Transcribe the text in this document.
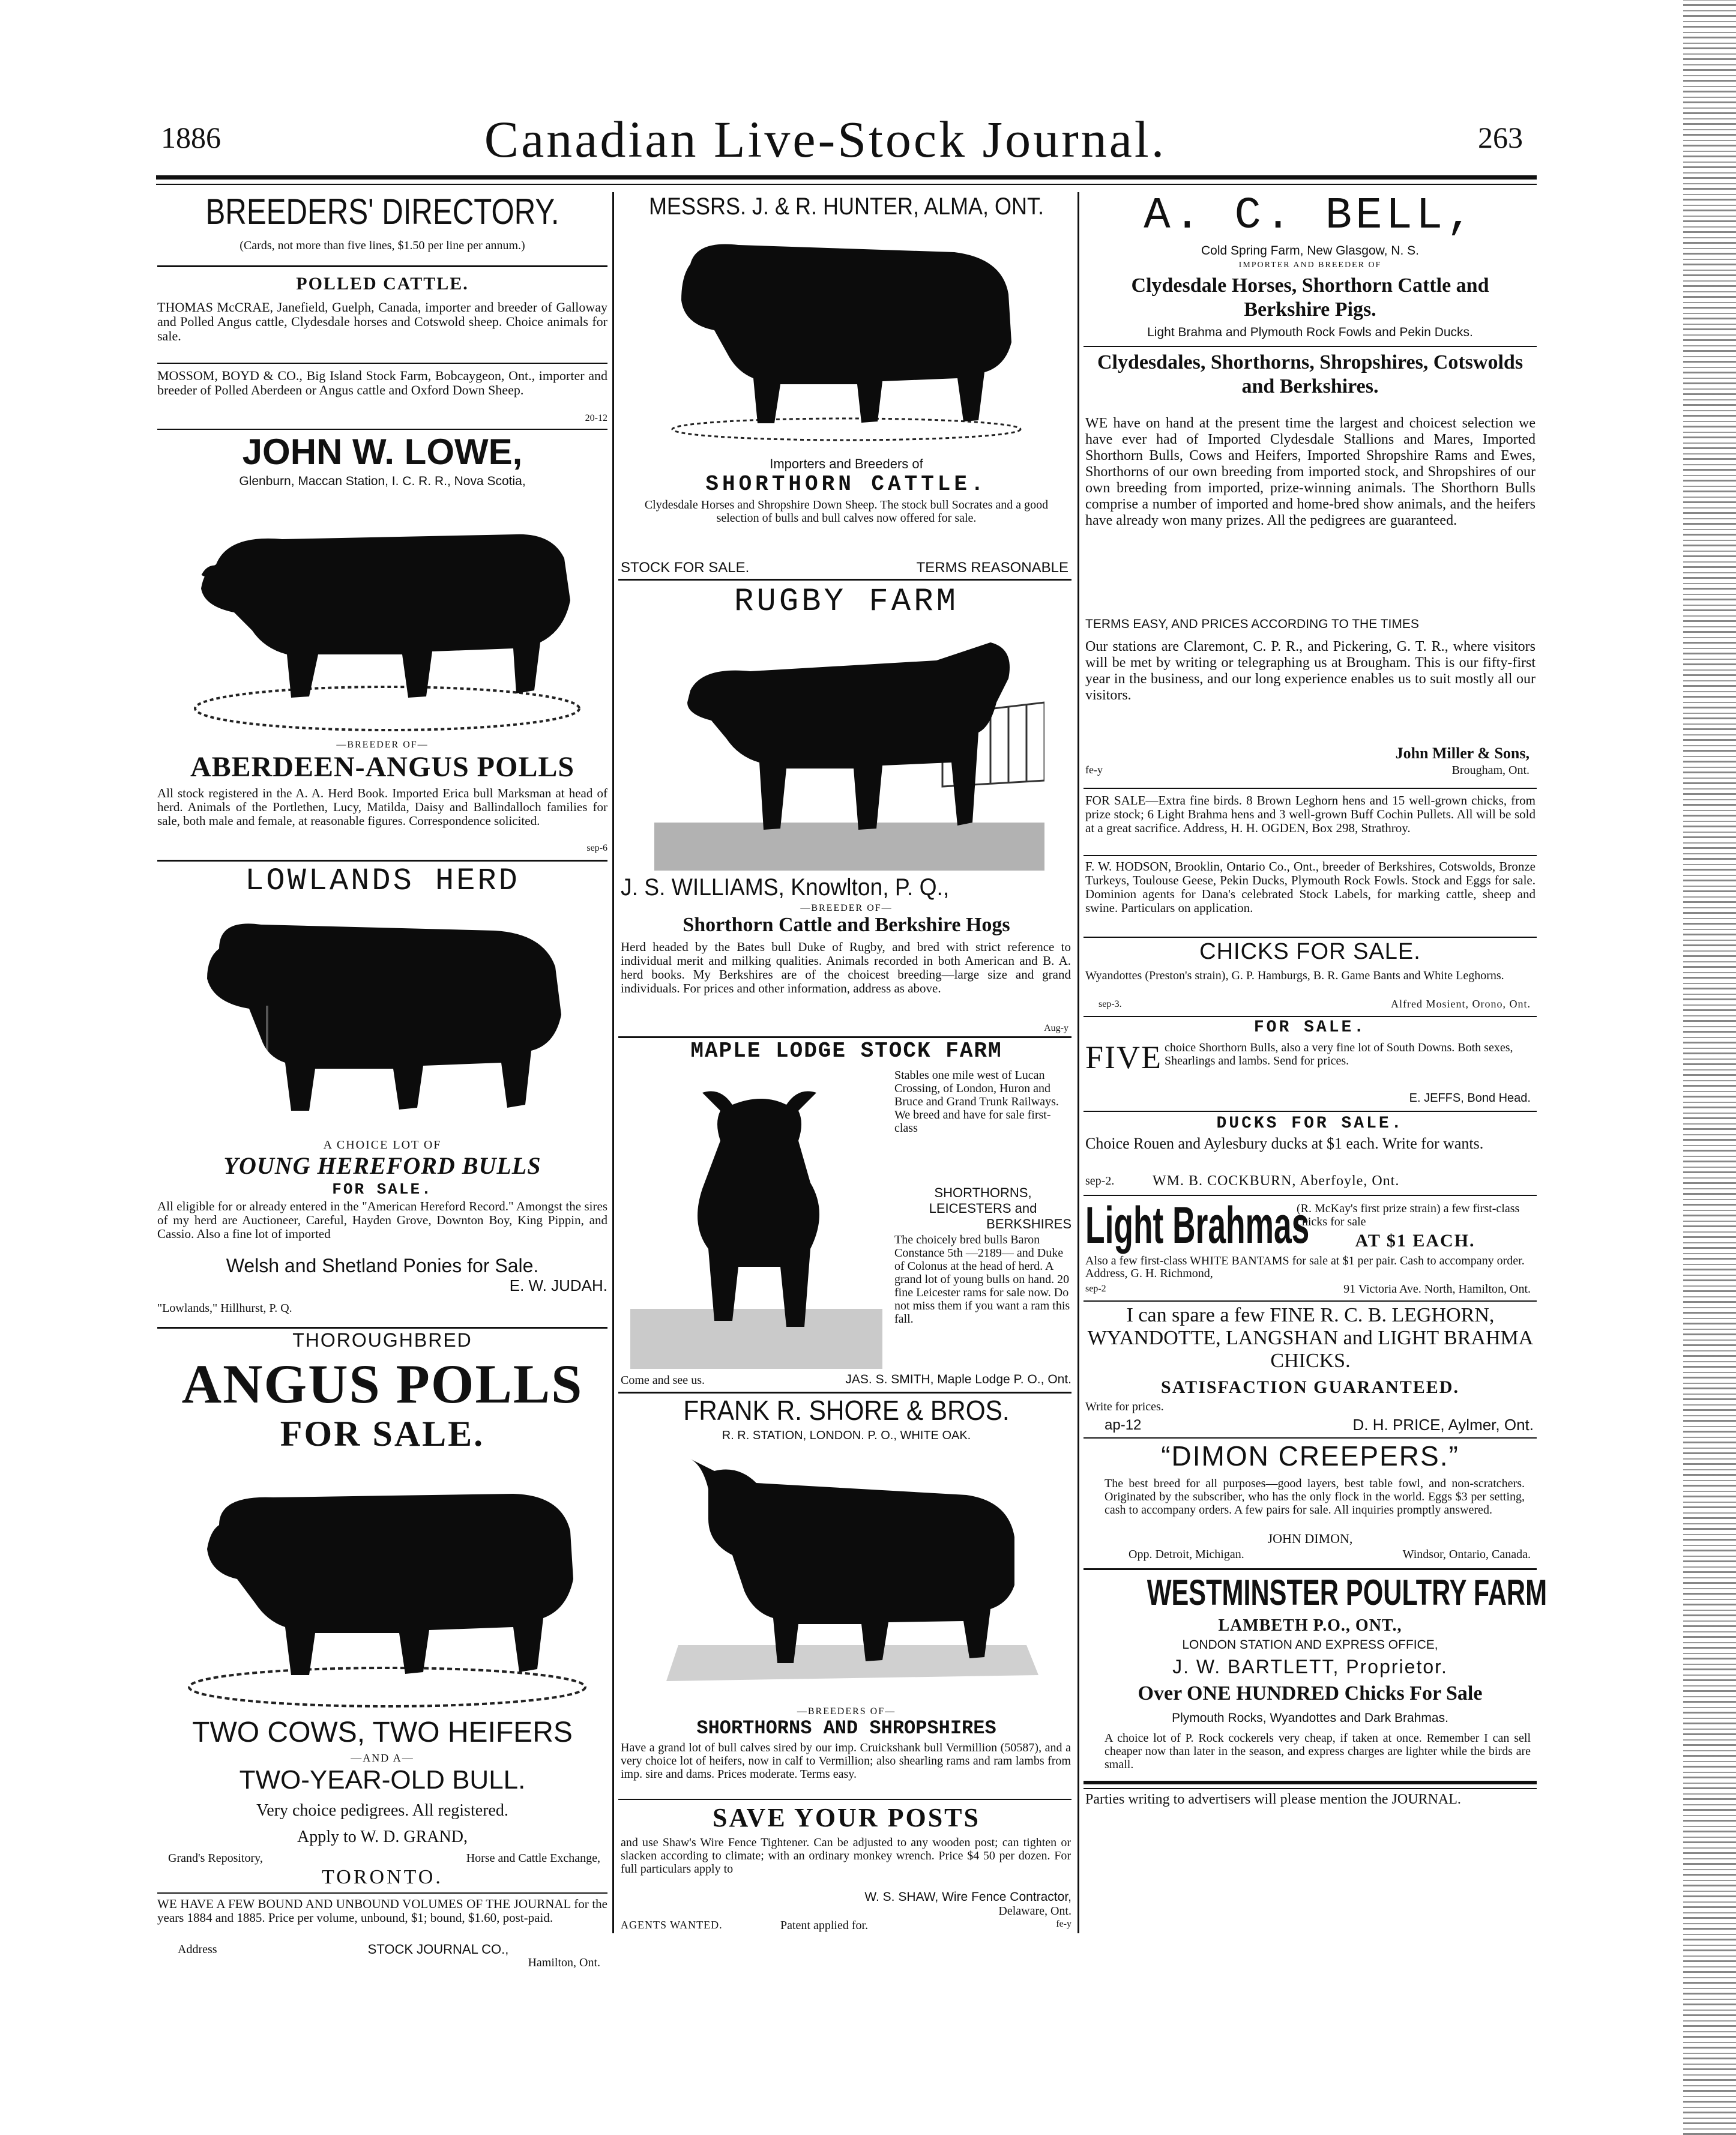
1886	Canadian Live-Stock Journal.	263
BREEDERS' DIRECTORY.
(Cards, not more than five lines, $1.50 per line per annum.)
POLLED CATTLE.
THOMAS McCRAE, Janefield, Guelph, Canada, importer and breeder of Galloway and Polled Angus cattle, Clydesdale horses and Cotswold sheep. Choice animals for sale.
MOSSOM, BOYD & CO., Big Island Stock Farm, Bobcaygeon, Ont., importer and breeder of Polled Aberdeen or Angus cattle and Oxford Down Sheep.
20-12
JOHN W. LOWE,
Glenburn, Maccan Station, I. C. R. R., Nova Scotia,
—BREEDER OF—
ABERDEEN-ANGUS POLLS
All stock registered in the A. A. Herd Book. Imported Erica bull Marksman at head of herd. Animals of the Portlethen, Lucy, Matilda, Daisy and Ballindalloch families for sale, both male and female, at reasonable figures. Correspondence solicited.
sep-6
LOWLANDS HERD
A CHOICE LOT OF
YOUNG HEREFORD BULLS
FOR SALE.
All eligible for or already entered in the "American Hereford Record." Amongst the sires of my herd are Auctioneer, Careful, Hayden Grove, Downton Boy, King Pippin, and Cassio. Also a fine lot of imported
Welsh and Shetland Ponies for Sale.
E. W. JUDAH.
"Lowlands," Hillhurst, P. Q.
THOROUGHBRED
ANGUS POLLS
FOR SALE.
TWO COWS, TWO HEIFERS
—AND A—
TWO-YEAR-OLD BULL.
Very choice pedigrees. All registered.
Apply to W. D. GRAND,
Grand's Repository,	Horse and Cattle Exchange,
TORONTO.
WE HAVE A FEW BOUND AND UNBOUND VOLUMES OF THE JOURNAL for the years 1884 and 1885. Price per volume, unbound, $1; bound, $1.60, post-paid.
Address	STOCK JOURNAL CO.,
Hamilton, Ont.
MESSRS. J. & R. HUNTER, ALMA, ONT.
Importers and Breeders of
SHORTHORN CATTLE.
Clydesdale Horses and Shropshire Down Sheep. The stock bull Socrates and a good selection of bulls and bull calves now offered for sale.
STOCK FOR SALE.	TERMS REASONABLE
RUGBY FARM
J. S. WILLIAMS, Knowlton, P. Q.,
—BREEDER OF—
Shorthorn Cattle and Berkshire Hogs
Herd headed by the Bates bull Duke of Rugby, and bred with strict reference to individual merit and milking qualities. Animals recorded in both American and B. A. herd books. My Berkshires are of the choicest breeding—large size and grand individuals. For prices and other information, address as above.
Aug-y
MAPLE LODGE STOCK FARM
Stables one mile west of Lucan Crossing, of London, Huron and Bruce and Grand Trunk Railways. We breed and have for sale first-class
SHORTHORNS,
LEICESTERS and
BERKSHIRES
The choicely bred bulls Baron Constance 5th —2189— and Duke of Colonus at the head of herd. A grand lot of young bulls on hand. 20 fine Leicester rams for sale now. Do not miss them if you want a ram this fall.
Come and see us.	JAS. S. SMITH, Maple Lodge P. O., Ont.
FRANK R. SHORE & BROS.
R. R. STATION, LONDON. P. O., WHITE OAK.
—BREEDERS OF—
SHORTHORNS AND SHROPSHIRES
Have a grand lot of bull calves sired by our imp. Cruickshank bull Vermillion (50587), and a very choice lot of heifers, now in calf to Vermillion; also shearling rams and ram lambs from imp. sire and dams. Prices moderate. Terms easy.
SAVE YOUR POSTS
and use Shaw's Wire Fence Tightener. Can be adjusted to any wooden post; can tighten or slacken according to climate; with an ordinary monkey wrench. Price $4 50 per dozen. For full particulars apply to
W. S. SHAW, Wire Fence Contractor,
Delaware, Ont.
AGENTS WANTED.	Patent applied for.	fe-y
A. C. BELL,
Cold Spring Farm, New Glasgow, N. S.
IMPORTER AND BREEDER OF
Clydesdale Horses, Shorthorn Cattle and Berkshire Pigs.
Light Brahma and Plymouth Rock Fowls and Pekin Ducks.
Clydesdales, Shorthorns, Shropshires, Cotswolds and Berkshires.
WE have on hand at the present time the largest and choicest selection we have ever had of Imported Clydesdale Stallions and Mares, Imported Shorthorn Bulls, Cows and Heifers, Imported Shropshire Rams and Ewes, Shorthorns of our own breeding from imported stock, and Shropshires of our own breeding from imported, prize-winning animals. The Shorthorn Bulls comprise a number of imported and home-bred show animals, and the heifers have already won many prizes. All the pedigrees are guaranteed.
TERMS EASY, AND PRICES ACCORDING TO THE TIMES
Our stations are Claremont, C. P. R., and Pickering, G. T. R., where visitors will be met by writing or telegraphing us at Brougham. This is our fifty-first year in the business, and our long experience enables us to suit mostly all our visitors.
John Miller & Sons,
fe-y	Brougham, Ont.
FOR SALE—Extra fine birds. 8 Brown Leghorn hens and 15 well-grown chicks, from prize stock; 6 Light Brahma hens and 3 well-grown Buff Cochin Pullets. All will be sold at a great sacrifice. Address, H. H. OGDEN, Box 298, Strathroy.
F. W. HODSON, Brooklin, Ontario Co., Ont., breeder of Berkshires, Cotswolds, Bronze Turkeys, Toulouse Geese, Pekin Ducks, Plymouth Rock Fowls. Stock and Eggs for sale. Dominion agents for Dana's celebrated Stock Labels, for marking cattle, sheep and swine. Particulars on application.
CHICKS FOR SALE.
Wyandottes (Preston's strain), G. P. Hamburgs, B. R. Game Bants and White Leghorns.
sep-3.	Alfred Mosient, Orono, Ont.
FOR SALE.
FIVE choice Shorthorn Bulls, also a very fine lot of South Downs. Both sexes, Shearlings and lambs. Send for prices.
E. JEFFS, Bond Head.
DUCKS FOR SALE.
Choice Rouen and Aylesbury ducks at $1 each. Write for wants.
sep-2.	WM. B. COCKBURN, Aberfoyle, Ont.
Light Brahmas
(R. McKay's first prize strain) a few first-class chicks for sale
AT $1 EACH.
Also a few first-class WHITE BANTAMS for sale at $1 per pair. Cash to accompany order. Address, G. H. Richmond,
sep-2	91 Victoria Ave. North, Hamilton, Ont.
I can spare a few FINE R. C. B. LEGHORN, WYANDOTTE, LANGSHAN and LIGHT BRAHMA CHICKS.
SATISFACTION GUARANTEED.
Write for prices.
ap-12	D. H. PRICE, Aylmer, Ont.
“DIMON CREEPERS.”
The best breed for all purposes—good layers, best table fowl, and non-scratchers. Originated by the subscriber, who has the only flock in the world. Eggs $3 per setting, cash to accompany orders. A few pairs for sale. All inquiries promptly answered.
JOHN DIMON,
Opp. Detroit, Michigan.	Windsor, Ontario, Canada.
WESTMINSTER POULTRY FARM
LAMBETH P.O., ONT.,
LONDON STATION AND EXPRESS OFFICE,
J. W. BARTLETT, Proprietor.
Over ONE HUNDRED Chicks For Sale
Plymouth Rocks, Wyandottes and Dark Brahmas.
A choice lot of P. Rock cockerels very cheap, if taken at once. Remember I can sell cheaper now than later in the season, and express charges are lighter while the birds are small.
Parties writing to advertisers will please mention the JOURNAL.
